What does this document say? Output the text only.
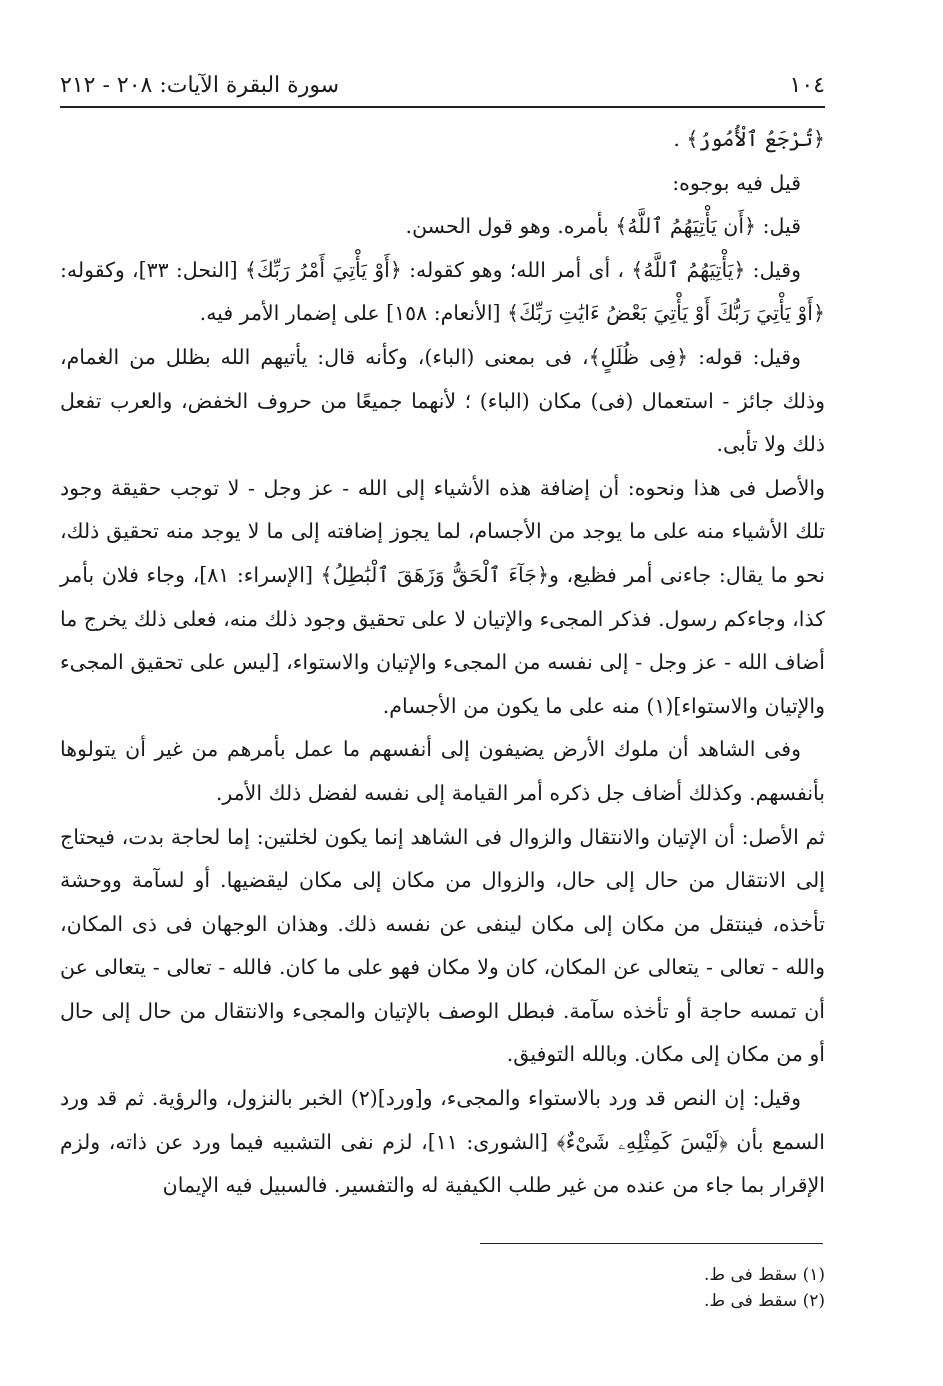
١٠٤
سورة البقرة الآيات: ٢٠٨ - ٢١٢

﴿تُرْجَعُ ٱلْأُمُورُ﴾ .

قيل فيه بوجوه:

قيل: ﴿أَن يَأْتِيَهُمُ ٱللَّهُ﴾ بأمره. وهو قول الحسن.

وقيل: ﴿يَأْتِيَهُمُ ٱللَّهُ﴾ ، أى أمر الله؛ وهو كقوله: ﴿أَوْ يَأْتِيَ أَمْرُ رَبِّكَ﴾ [النحل: ٣٣]، وكقوله: ﴿أَوْ يَأْتِيَ رَبُّكَ أَوْ يَأْتِيَ بَعْضُ ءَايَٰتِ رَبِّكَ﴾ [الأنعام: ١٥٨] على إضمار الأمر فيه.

وقيل: قوله: ﴿فِى ظُلَلٍ﴾، فى بمعنى (الباء)، وكأنه قال: يأتيهم الله بظلل من الغمام، وذلك جائز - استعمال (فى) مكان (الباء) ؛ لأنهما جميعًا من حروف الخفض، والعرب تفعل ذلك ولا تأبى.

والأصل فى هذا ونحوه: أن إضافة هذه الأشياء إلى الله - عز وجل - لا توجب حقيقة وجود تلك الأشياء منه على ما يوجد من الأجسام، لما يجوز إضافته إلى ما لا يوجد منه تحقيق ذلك، نحو ما يقال: جاءنى أمر فظيع، و﴿جَآءَ ٱلْحَقُّ وَزَهَقَ ٱلْبَٰطِلُ﴾ [الإسراء: ٨١]، وجاء فلان بأمر كذا، وجاءكم رسول. فذكر المجىء والإتيان لا على تحقيق وجود ذلك منه، فعلى ذلك يخرج ما أضاف الله - عز وجل - إلى نفسه من المجىء والإتيان والاستواء، [ليس على تحقيق المجىء والإتيان والاستواء](١) منه على ما يكون من الأجسام.

وفى الشاهد أن ملوك الأرض يضيفون إلى أنفسهم ما عمل بأمرهم من غير أن يتولوها بأنفسهم. وكذلك أضاف جل ذكره أمر القيامة إلى نفسه لفضل ذلك الأمر.

ثم الأصل: أن الإتيان والانتقال والزوال فى الشاهد إنما يكون لخلتين: إما لحاجة بدت، فيحتاج إلى الانتقال من حال إلى حال، والزوال من مكان إلى مكان ليقضيها. أو لسآمة ووحشة تأخذه، فينتقل من مكان إلى مكان لينفى عن نفسه ذلك. وهذان الوجهان فى ذى المكان، والله - تعالى - يتعالى عن المكان، كان ولا مكان فهو على ما كان. فالله - تعالى - يتعالى عن أن تمسه حاجة أو تأخذه سآمة. فبطل الوصف بالإتيان والمجىء والانتقال من حال إلى حال أو من مكان إلى مكان. وبالله التوفيق.

وقيل: إن النص قد ورد بالاستواء والمجىء، و[ورد](٢) الخبر بالنزول، والرؤية. ثم قد ورد السمع بأن ﴿لَيْسَ كَمِثْلِهِۦ شَىْءٌ﴾ [الشورى: ١١]، لزم نفى التشبيه فيما ورد عن ذاته، ولزم الإقرار بما جاء من عنده من غير طلب الكيفية له والتفسير. فالسبيل فيه الإيمان

(١) سقط فى ط.
(٢) سقط فى ط.
